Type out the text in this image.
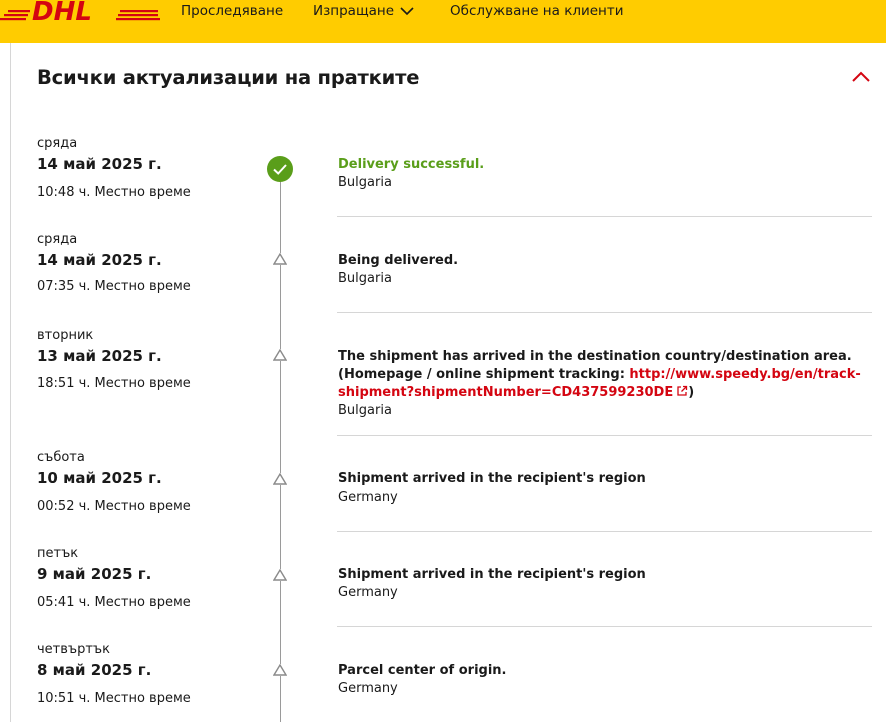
DHL	Проследяване Изпращане	Обслужване на клиенти
Всички актуализации на пратките
сряда
14 май 2025 г.
10:48 ч. Местно време
Delivery successful.
Bulgaria
сряда
14 май 2025 г.
07:35 ч. Местно време
Being delivered.
Bulgaria
вторник
13 май 2025 г.
18:51 ч. Местно време
The shipment has arrived in the destination country/destination area. (Homepage / online shipment tracking: http://www.speedy.bg/en/track-shipment?shipmentNumber=CD437599230DE )
Bulgaria
събота
10 май 2025 г.
00:52 ч. Местно време
Shipment arrived in the recipient's region
Germany
петък
9 май 2025 г.
05:41 ч. Местно време
Shipment arrived in the recipient's region
Germany
четвъртък
8 май 2025 г.
10:51 ч. Местно време
Parcel center of origin.
Germany
